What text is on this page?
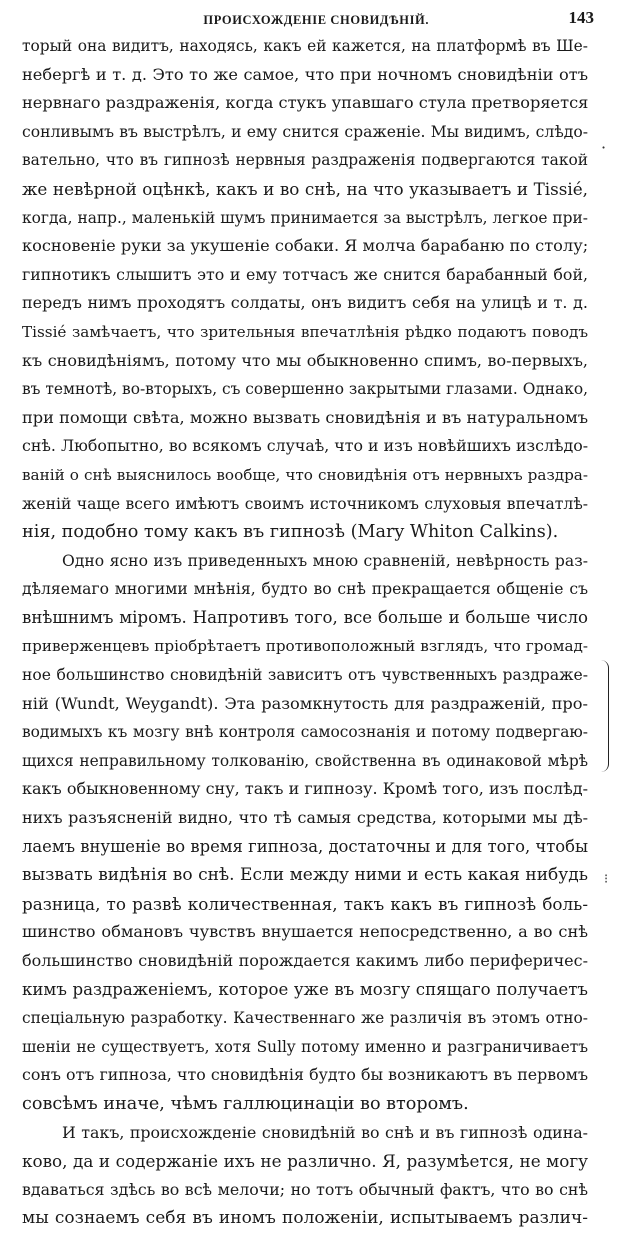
ПРОИСХОЖДЕНІЕ СНОВИДѢНІЙ.	143
торый она видитъ, находясь, какъ ей кажется, на платформѣ въ Ше-
небергѣ и т. д. Это то же самое, что при ночномъ сновидѣніи отъ
нервнаго раздраженія, когда стукъ упавшаго стула претворяется
сонливымъ въ выстрѣлъ, и ему снится сраженіе. Мы видимъ, слѣдо-
вательно, что въ гипнозѣ нервныя раздраженія подвергаются такой
же невѣрной оцѣнкѣ, какъ и во снѣ, на что указываетъ и Tissié,
когда, напр., маленькій шумъ принимается за выстрѣлъ, легкое при-
косновеніе руки за укушеніе собаки. Я молча барабаню по столу;
гипнотикъ слышитъ это и ему тотчасъ же снится барабанный бой,
передъ нимъ проходятъ солдаты, онъ видитъ себя на улицѣ и т. д.
Tissié замѣчаетъ, что зрительныя впечатлѣнія рѣдко подаютъ поводъ
къ сновидѣніямъ, потому что мы обыкновенно спимъ, во-первыхъ,
въ темнотѣ, во-вторыхъ, съ совершенно закрытыми глазами. Однако,
при помощи свѣта, можно вызвать сновидѣнія и въ натуральномъ
снѣ. Любопытно, во всякомъ случаѣ, что и изъ новѣйшихъ изслѣдо-
ваній о снѣ выяснилось вообще, что сновидѣнія отъ нервныхъ раздра-
женій чаще всего имѣютъ своимъ источникомъ слуховыя впечатлѣ-
нія, подобно тому какъ въ гипнозѣ (Mary Whiton Calkins).
Одно ясно изъ приведенныхъ мною сравненій, невѣрность раз-
дѣляемаго многими мнѣнія, будто во снѣ прекращается общеніе съ
внѣшнимъ міромъ. Напротивъ того, все больше и больше число
приверженцевъ пріобрѣтаетъ противоположный взглядъ, что громад-
ное большинство сновидѣній зависитъ отъ чувственныхъ раздраже-
ній (Wundt, Weygandt). Эта разомкнутость для раздраженій, про-
водимыхъ къ мозгу внѣ контроля самосознанія и потому подвергаю-
щихся неправильному толкованію, свойственна въ одинаковой мѣрѣ
какъ обыкновенному сну, такъ и гипнозу. Кромѣ того, изъ послѣд-
нихъ разъясненій видно, что тѣ самыя средства, которыми мы дѣ-
лаемъ внушеніе во время гипноза, достаточны и для того, чтобы
вызвать видѣнія во снѣ. Если между ними и есть какая нибудь
разница, то развѣ количественная, такъ какъ въ гипнозѣ боль-
шинство обмановъ чувствъ внушается непосредственно, а во снѣ
большинство сновидѣній порождается какимъ либо периферичес-
кимъ раздраженіемъ, которое уже въ мозгу спящаго получаетъ
спеціальную разработку. Качественнаго же различія въ этомъ отно-
шеніи не существуетъ, хотя Sully потому именно и разграничиваетъ
сонъ отъ гипноза, что сновидѣнія будто бы возникаютъ въ первомъ
совсѣмъ иначе, чѣмъ галлюцинаціи во второмъ.
И такъ, происхожденіе сновидѣній во снѣ и въ гипнозѣ одина-
ково, да и содержаніе ихъ не различно. Я, разумѣется, не могу
вдаваться здѣсь во всѣ мелочи; но тотъ обычный фактъ, что во снѣ
мы сознаемъ себя въ иномъ положеніи, испытываемъ различ-
·
⁝
